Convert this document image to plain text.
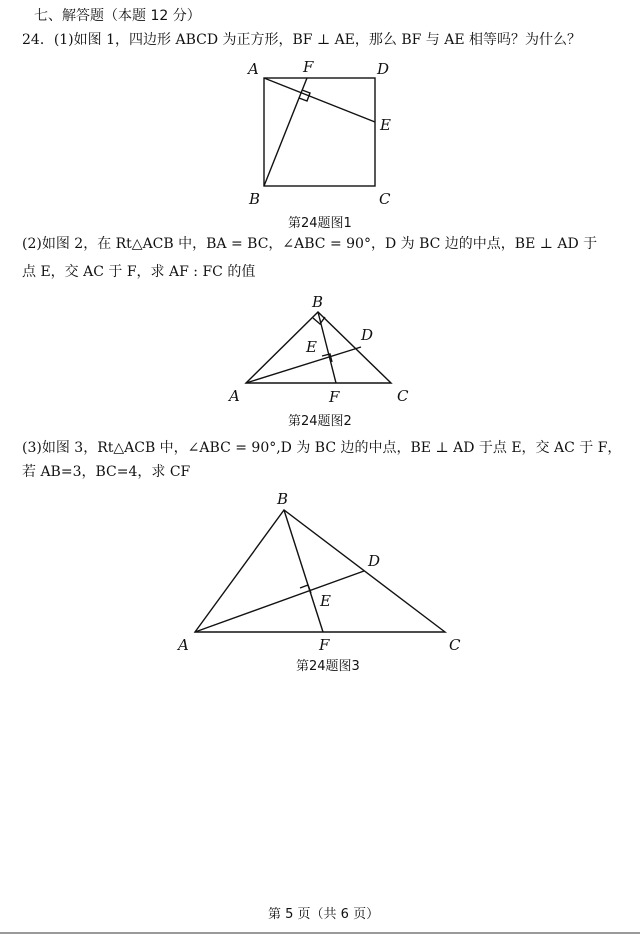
七、解答题（本题 12 分）
24．(1)如图 1，四边形 ABCD 为正方形，BF ⊥ AE，那么 BF 与 AE 相等吗？为什么？
A	F	D
E
B	C
第24题图1
(2)如图 2，在 Rt△ACB 中，BA = BC，∠ABC = 90°，D 为 BC 边的中点，BE ⊥ AD 于
点 E，交 AC 于 F，求 AF : FC 的值
B
D
E
A	F	C
第24题图2
(3)如图 3，Rt△ACB 中，∠ABC = 90°,D 为 BC 边的中点，BE ⊥ AD 于点 E，交 AC 于 F，
若 AB=3，BC=4，求 CF
B
D
E
A	F	C
第24题图3
第 5 页（共 6 页）
